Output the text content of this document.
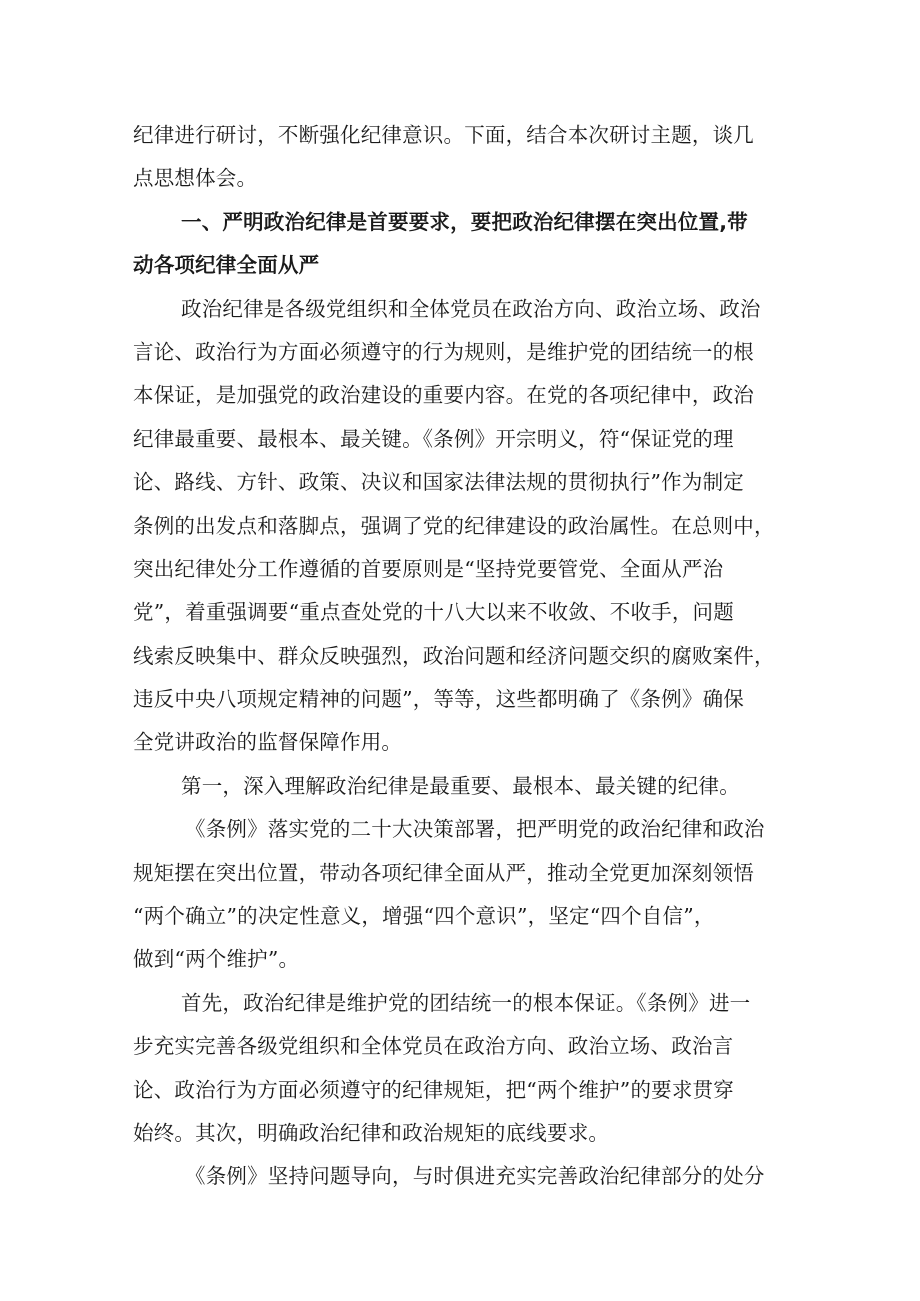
纪律进行研讨，不断强化纪律意识。下面，结合本次研讨主题，谈几
点思想体会。
一、严明政治纪律是首要要求，要把政治纪律摆在突出位置,带
动各项纪律全面从严
政治纪律是各级党组织和全体党员在政治方向、政治立场、政治
言论、政治行为方面必须遵守的行为规则，是维护党的团结统一的根
本保证，是加强党的政治建设的重要内容。在党的各项纪律中，政治
纪律最重要、最根本、最关键。《条例》开宗明义，符“保证党的理
论、路线、方针、政策、决议和国家法律法规的贯彻执行”作为制定
条例的出发点和落脚点，强调了党的纪律建设的政治属性。在总则中，
突出纪律处分工作遵循的首要原则是“坚持党要管党、全面从严治
党”，着重强调要“重点查处党的十八大以来不收敛、不收手，问题
线索反映集中、群众反映强烈，政治问题和经济问题交织的腐败案件，
违反中央八项规定精神的问题”，等等，这些都明确了《条例》确保
全党讲政治的监督保障作用。
第一，深入理解政治纪律是最重要、最根本、最关键的纪律。
《条例》落实党的二十大决策部署，把严明党的政治纪律和政治
规矩摆在突出位置，带动各项纪律全面从严，推动全党更加深刻领悟
“两个确立”的决定性意义，增强“四个意识”，坚定“四个自信”，
做到“两个维护”。
首先，政治纪律是维护党的团结统一的根本保证。《条例》进一
步充实完善各级党组织和全体党员在政治方向、政治立场、政治言
论、政治行为方面必须遵守的纪律规矩，把“两个维护”的要求贯穿
始终。其次，明确政治纪律和政治规矩的底线要求。
《条例》坚持问题导向，与时俱进充实完善政治纪律部分的处分
